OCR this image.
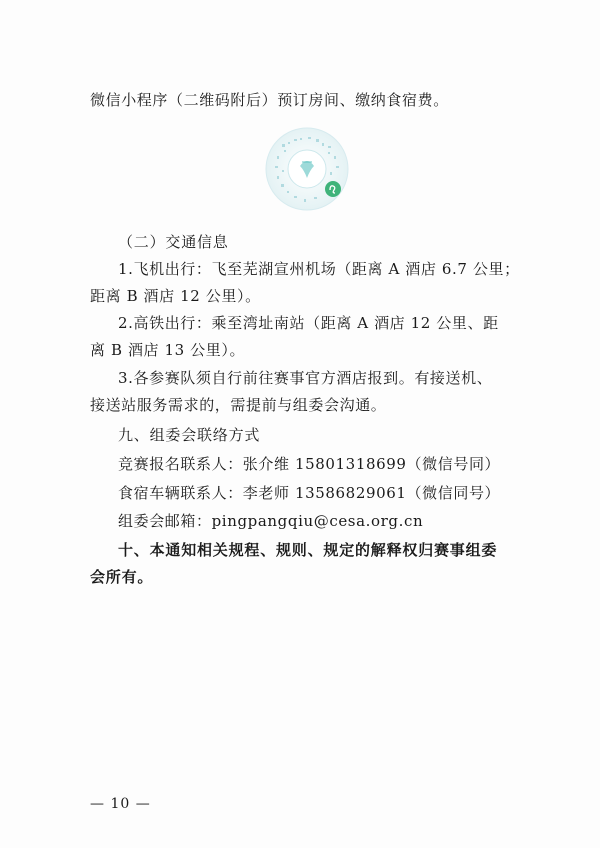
微信小程序（二维码附后）预订房间、缴纳食宿费。
（二）交通信息
1.飞机出行：飞至芜湖宣州机场（距离 A 酒店 6.7 公里；
距离 B 酒店 12 公里）。
2.高铁出行：乘至湾址南站（距离 A 酒店 12 公里、距
离 B 酒店 13 公里）。
3.各参赛队须自行前往赛事官方酒店报到。有接送机、
接送站服务需求的，需提前与组委会沟通。
九、组委会联络方式
竞赛报名联系人：张介维 15801318699（微信号同）
食宿车辆联系人：李老师 13586829061（微信同号）
组委会邮箱：pingpangqiu@cesa.org.cn
十、本通知相关规程、规则、规定的解释权归赛事组委
会所有。
— 10 —
